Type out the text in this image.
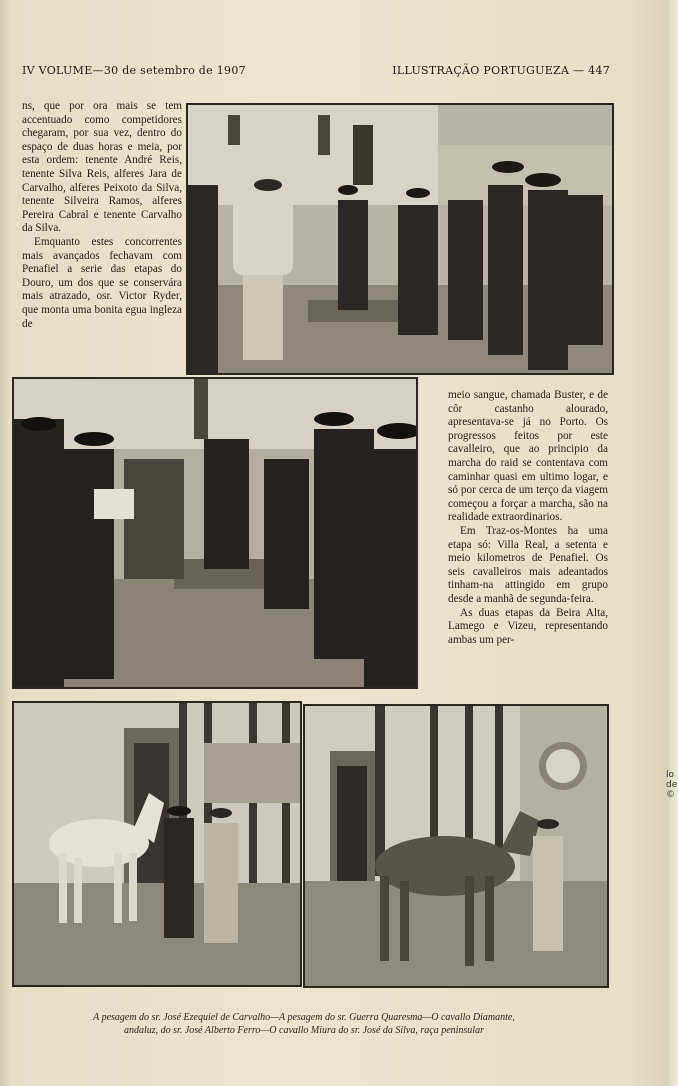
lo de ©
IV VOLUME—30 de setembro de 1907	ILLUSTRAÇÃO PORTUGUEZA — 447

ns, que por ora mais se tem accentuado como competidores chegaram, por sua vez, dentro do espaço de duas horas e meia, por esta ordem: tenente André Reis, tenente Silva Reis, alferes Jara de Carvalho, alferes Peixoto da Silva, tenente Silveira Ramos, alferes Pereira Cabral e tenente Carvalho da Silva.

Emquanto estes concorrentes mais avançados fechavam com Penafiel a serie das etapas do Douro, um dos que se conservára mais atrazado, osr. Victor Ryder, que monta uma bonita egua ingleza de

meio sangue, chamada Buster, e de côr castanho alourado, apresentava-se já no Porto. Os progressos feitos por este cavalleiro, que ao principio da marcha do raid se contentava com caminhar quasi em ultimo logar, e só por cerca de um terço da viagem começou a forçar a marcha, são na realidade extraordinarios.

Em Traz-os-Montes ha uma etapa só: Villa Real, a setenta e meio kilometros de Penafiel. Os seis cavalleiros mais adeantados tinham-na attingido em grupo desde a manhã de segunda-feira.

As duas etapas da Beira Alta, Lamego e Vizeu, representando ambas um per-

A pesagem do sr. José Ezequiel de Carvalho—A pesagem do sr. Guerra Quaresma—O cavallo Diamante,
andaluz, do sr. José Alberto Ferro—O cavallo Miura do sr. José da Silva, raça peninsular
